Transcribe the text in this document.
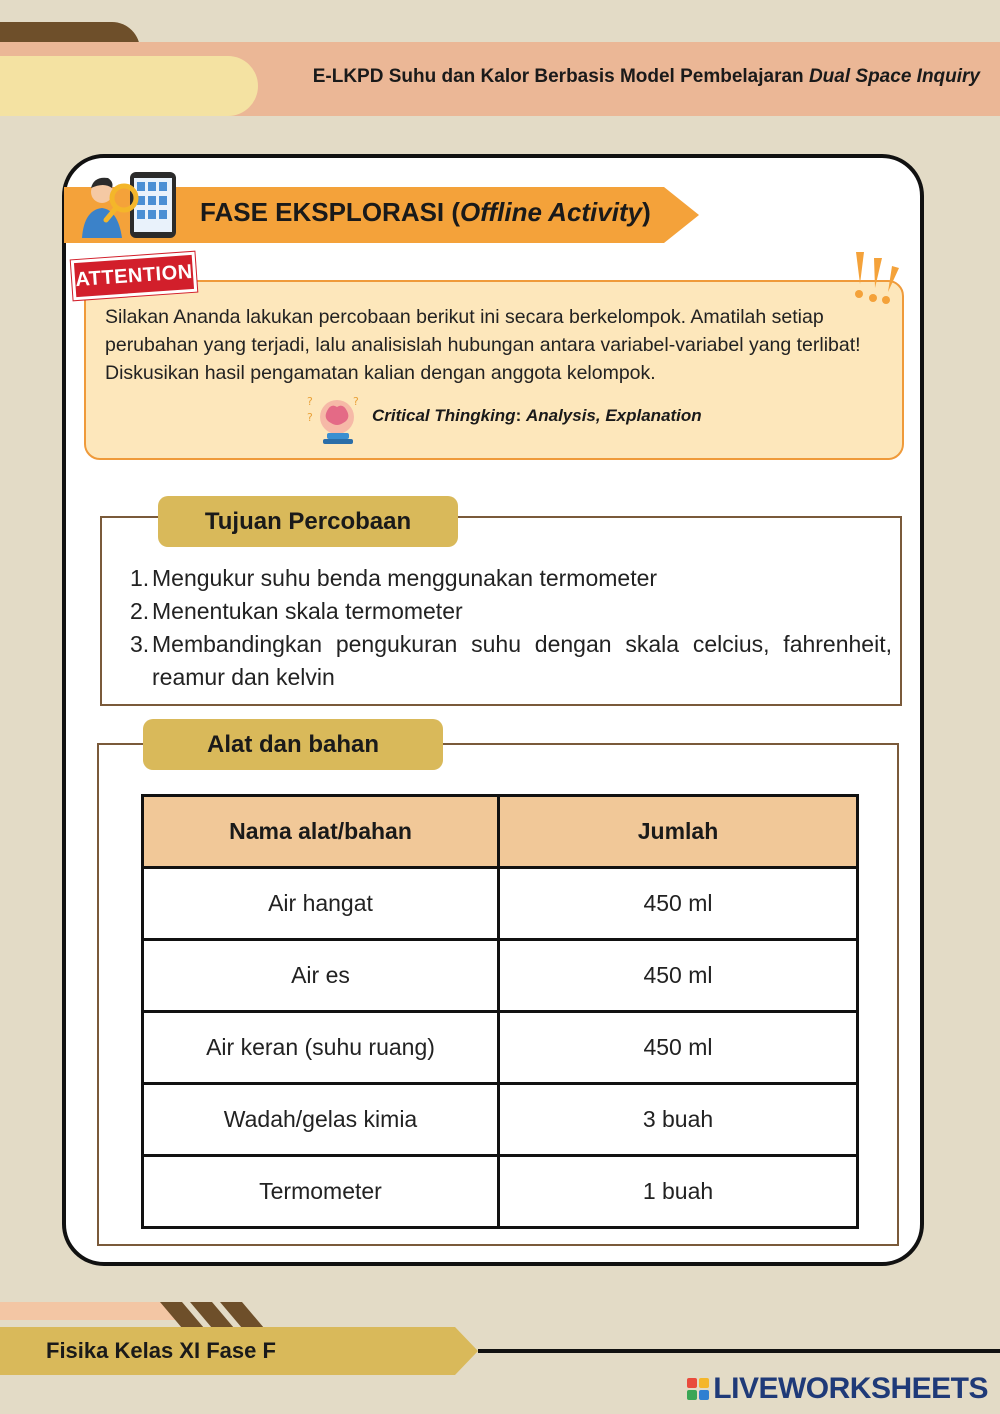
E-LKPD Suhu dan Kalor Berbasis Model Pembelajaran Dual Space Inquiry
FASE EKSPLORASI (Offline Activity)
ATTENTION
Silakan Ananda lakukan percobaan berikut ini secara berkelompok. Amatilah setiap perubahan yang terjadi, lalu analisislah hubungan antara variabel-variabel yang terlibat! Diskusikan hasil pengamatan kalian dengan anggota kelompok.
?
?
?
Critical Thingking: Analysis, Explanation
Tujuan Percobaan
1. Mengukur suhu benda menggunakan termometer
2. Menentukan skala termometer
3. Membandingkan pengukuran suhu dengan skala celcius, fahrenheit, reamur dan kelvin
Alat dan bahan
Nama alat/bahan	Jumlah
Air hangat	450 ml
Air es	450 ml
Air keran (suhu ruang)	450 ml
Wadah/gelas kimia	3 buah
Termometer	1 buah
Fisika Kelas XI Fase F
LIVEWORKSHEETS
